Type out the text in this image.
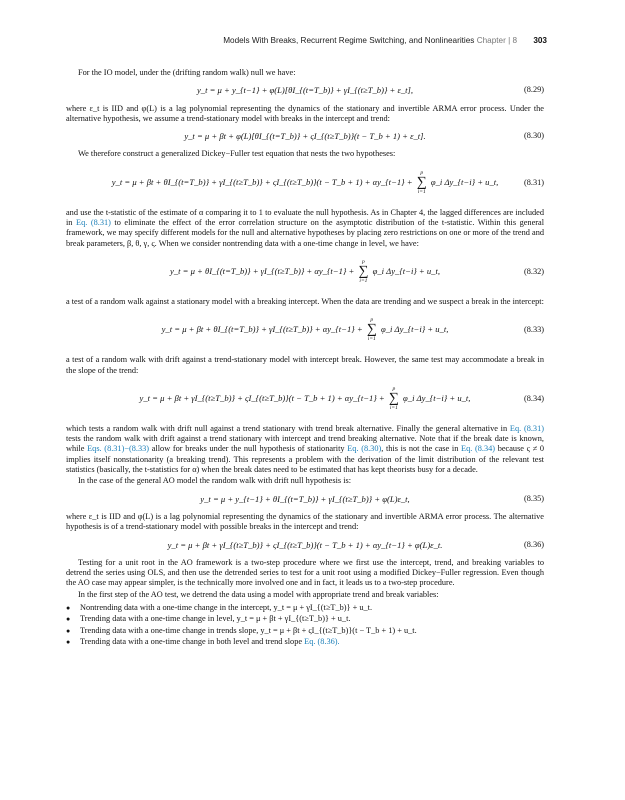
Models With Breaks, Recurrent Regime Switching, and Nonlinearities Chapter | 8 303

For the IO model, under the (drifting random walk) null we have:

y_t = μ + y_{t−1} + φ(L)[θI_{(t=T_b)} + γI_{(t≥T_b)} + ε_t],	(8.29)

where ε_t is IID and φ(L) is a lag polynomial representing the dynamics of the stationary and invertible ARMA error process. Under the alternative hypothesis, we assume a trend-stationary model with breaks in the intercept and trend:

y_t = μ + βt + φ(L)[θI_{(t=T_b)} + ςI_{(t≥T_b)}(t − T_b + 1) + ε_t].	(8.30)

We therefore construct a generalized Dickey−Fuller test equation that nests the two hypotheses:

y_t = μ + βt + θI_{(t=T_b)} + γI_{(t≥T_b)} + ςI_{(t≥T_b)}(t − T_b + 1) + αy_{t−1} +
p
∑
i=1
φ_i Δy_{t−i} + u_t,	(8.31)

and use the t-statistic of the estimate of α comparing it to 1 to evaluate the null hypothesis. As in Chapter 4, the lagged differences are included in Eq. (8.31) to eliminate the effect of the error correlation structure on the asymptotic distribution of the t-statistic. Within this general framework, we may specify different models for the null and alternative hypotheses by placing zero restrictions on one or more of the trend and break parameters, β, θ, γ, ς. When we consider nontrending data with a one-time change in level, we have:

y_t = μ + θI_{(t=T_b)} + γI_{(t≥T_b)} + αy_{t−1} +
p
∑
i=1
φ_i Δy_{t−i} + u_t,	(8.32)

a test of a random walk against a stationary model with a breaking intercept. When the data are trending and we suspect a break in the intercept:

y_t = μ + βt + θI_{(t=T_b)} + γI_{(t≥T_b)} + αy_{t−1} +
p
∑
i=1
φ_i Δy_{t−i} + u_t,	(8.33)

a test of a random walk with drift against a trend-stationary model with intercept break. However, the same test may accommodate a break in the slope of the trend:

y_t = μ + βt + γI_{(t≥T_b)} + ςI_{(t≥T_b)}(t − T_b + 1) + αy_{t−1} +
p
∑
i=1
φ_i Δy_{t−i} + u_t,	(8.34)

which tests a random walk with drift null against a trend stationary with trend break alternative. Finally the general alternative in Eq. (8.31) tests the random walk with drift against a trend stationary with intercept and trend breaking alternative. Note that if the break date is known, while Eqs. (8.31)−(8.33) allow for breaks under the null hypothesis of stationarity Eq. (8.30), this is not the case in Eq. (8.34) because ς ≠ 0 implies itself nonstationarity (a breaking trend). This represents a problem with the derivation of the limit distribution of the relevant test statistics (basically, the t-statistics for α) when the break dates need to be estimated that has kept theorists busy for a decade.

In the case of the general AO model the random walk with drift null hypothesis is:

y_t = μ + y_{t−1} + θI_{(t=T_b)} + γI_{(t≥T_b)} + φ(L)ε_t,	(8.35)

where ε_t is IID and φ(L) is a lag polynomial representing the dynamics of the stationary and invertible ARMA error process. The alternative hypothesis is of a trend-stationary model with possible breaks in the intercept and trend:

y_t = μ + βt + γI_{(t≥T_b)} + ςI_{(t≥T_b)}(t − T_b + 1) + αy_{t−1} + φ(L)ε_t.	(8.36)

Testing for a unit root in the AO framework is a two-step procedure where we first use the intercept, trend, and breaking variables to detrend the series using OLS, and then use the detrended series to test for a unit root using a modified Dickey−Fuller regression. Even though the AO case may appear simpler, is the technically more involved one and in fact, it leads us to a two-step procedure.

In the first step of the AO test, we detrend the data using a model with appropriate trend and break variables:

● Nontrending data with a one-time change in the intercept, y_t = μ + γI_{(t≥T_b)} + u_t.
● Trending data with a one-time change in level, y_t = μ + βt + γI_{(t≥T_b)} + u_t.
● Trending data with a one-time change in trends slope, y_t = μ + βt + ςI_{(t≥T_b)}(t − T_b + 1) + u_t.
● Trending data with a one-time change in both level and trend slope Eq. (8.36).
